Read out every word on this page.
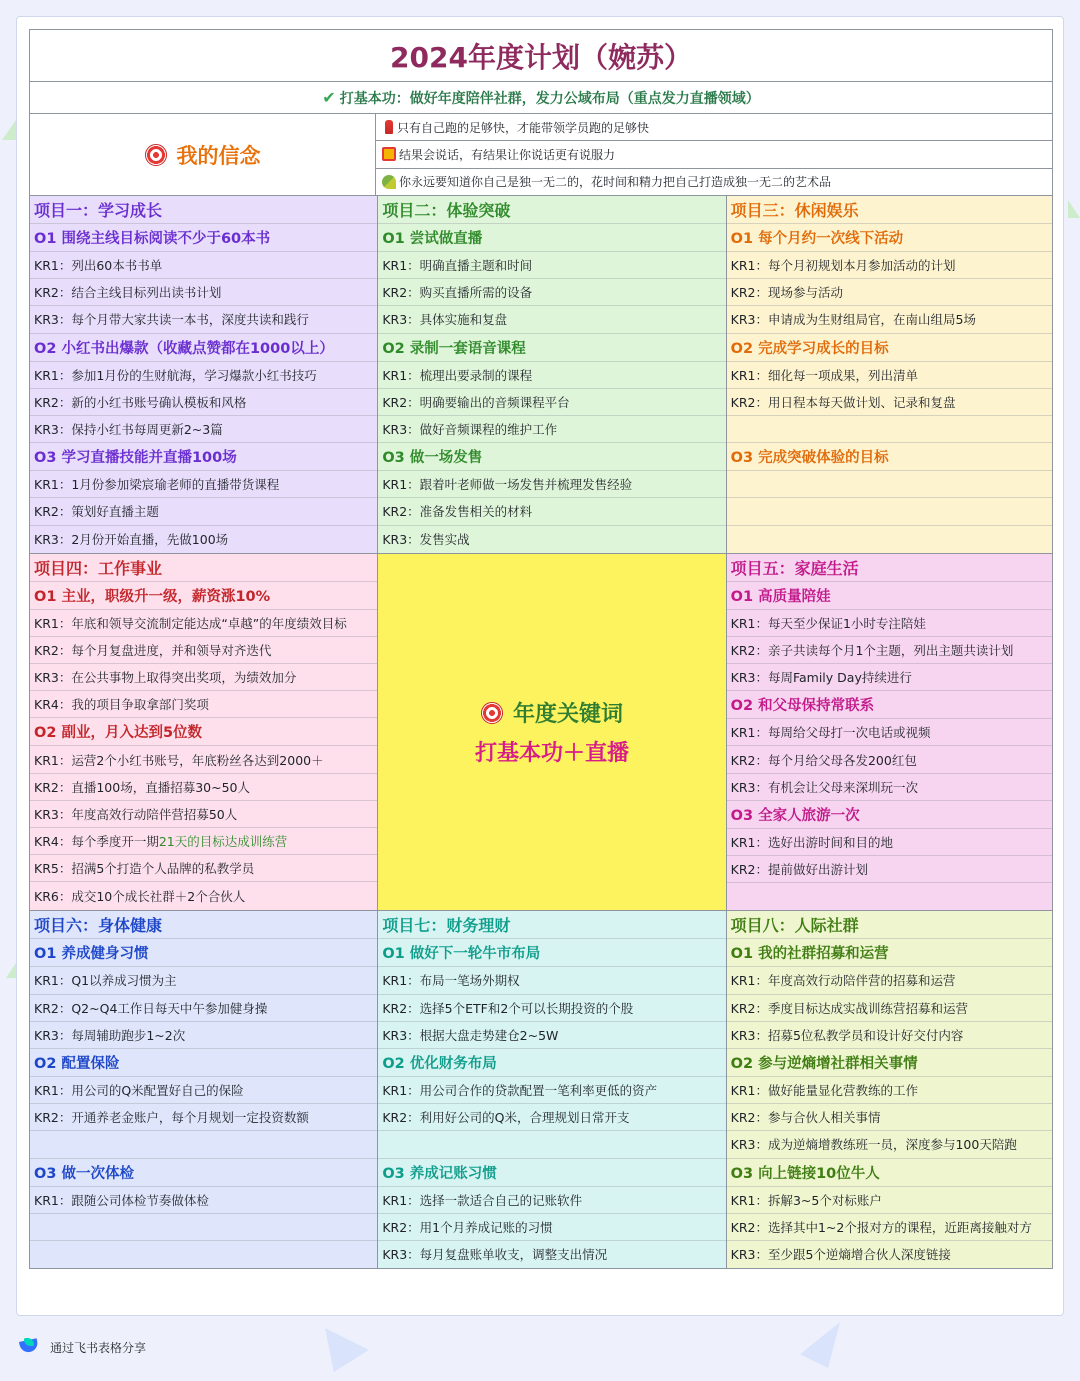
2024年度计划（婉苏）
✔ 打基本功：做好年度陪伴社群，发力公域布局（重点发力直播领域）
我的信念
只有自己跑的足够快，才能带领学员跑的足够快
结果会说话，有结果让你说话更有说服力
你永远要知道你自己是独一无二的，花时间和精力把自己打造成独一无二的艺术品
项目一：学习成长
O1 围绕主线目标阅读不少于60本书
KR1：列出60本书书单
KR2：结合主线目标列出读书计划
KR3：每个月带大家共读一本书，深度共读和践行
O2 小红书出爆款（收藏点赞都在1000以上）
KR1：参加1月份的生财航海，学习爆款小红书技巧
KR2：新的小红书账号确认模板和风格
KR3：保持小红书每周更新2~3篇
O3 学习直播技能并直播100场
KR1：1月份参加梁宸瑜老师的直播带货课程
KR2：策划好直播主题
KR3：2月份开始直播，先做100场
项目二：体验突破
O1 尝试做直播
KR1：明确直播主题和时间
KR2：购买直播所需的设备
KR3：具体实施和复盘
O2 录制一套语音课程
KR1：梳理出要录制的课程
KR2：明确要输出的音频课程平台
KR3：做好音频课程的维护工作
O3 做一场发售
KR1：跟着叶老师做一场发售并梳理发售经验
KR2：准备发售相关的材料
KR3：发售实战
项目三：休闲娱乐
O1 每个月约一次线下活动
KR1：每个月初规划本月参加活动的计划
KR2：现场参与活动
KR3：申请成为生财组局官，在南山组局5场
O2 完成学习成长的目标
KR1：细化每一项成果，列出清单
KR2：用日程本每天做计划、记录和复盘
O3 完成突破体验的目标
项目四：工作事业
O1 主业，职级升一级，薪资涨10%
KR1：年底和领导交流制定能达成“卓越”的年度绩效目标
KR2：每个月复盘进度，并和领导对齐迭代
KR3：在公共事物上取得突出奖项，为绩效加分
KR4：我的项目争取拿部门奖项
O2 副业，月入达到5位数
KR1：运营2个小红书账号，年底粉丝各达到2000＋
KR2：直播100场，直播招募30~50人
KR3：年度高效行动陪伴营招募50人
KR4：每个季度开一期 21天的目标达成训练营
KR5：招满5个打造个人品牌的私教学员
KR6：成交10个成长社群＋2个合伙人
年度关键词
打基本功＋直播
项目五：家庭生活
O1 高质量陪娃
KR1：每天至少保证1小时专注陪娃
KR2：亲子共读每个月1个主题，列出主题共读计划
KR3：每周Family Day持续进行
O2 和父母保持常联系
KR1：每周给父母打一次电话或视频
KR2：每个月给父母各发200红包
KR3：有机会让父母来深圳玩一次
O3 全家人旅游一次
KR1：选好出游时间和目的地
KR2：提前做好出游计划
项目六：身体健康
O1 养成健身习惯
KR1：Q1以养成习惯为主
KR2：Q2~Q4工作日每天中午参加健身操
KR3：每周辅助跑步1~2次
O2 配置保险
KR1：用公司的Q米配置好自己的保险
KR2：开通养老金账户，每个月规划一定投资数额
O3 做一次体检
KR1：跟随公司体检节奏做体检
项目七：财务理财
O1 做好下一轮牛市布局
KR1：布局一笔场外期权
KR2：选择5个ETF和2个可以长期投资的个股
KR3：根据大盘走势建仓2~5W
O2 优化财务布局
KR1：用公司合作的贷款配置一笔利率更低的资产
KR2：利用好公司的Q米，合理规划日常开支
O3 养成记账习惯
KR1：选择一款适合自己的记账软件
KR2：用1个月养成记账的习惯
KR3：每月复盘账单收支，调整支出情况
项目八：人际社群
O1 我的社群招募和运营
KR1：年度高效行动陪伴营的招募和运营
KR2：季度目标达成实战训练营招募和运营
KR3：招募5位私教学员和设计好交付内容
O2 参与逆熵增社群相关事情
KR1：做好能量显化营教练的工作
KR2：参与合伙人相关事情
KR3：成为逆熵增教练班一员，深度参与100天陪跑
O3 向上链接10位牛人
KR1：拆解3~5个对标账户
KR2：选择其中1~2个报对方的课程，近距离接触对方
KR3：至少跟5个逆熵增合伙人深度链接
通过飞书表格分享
